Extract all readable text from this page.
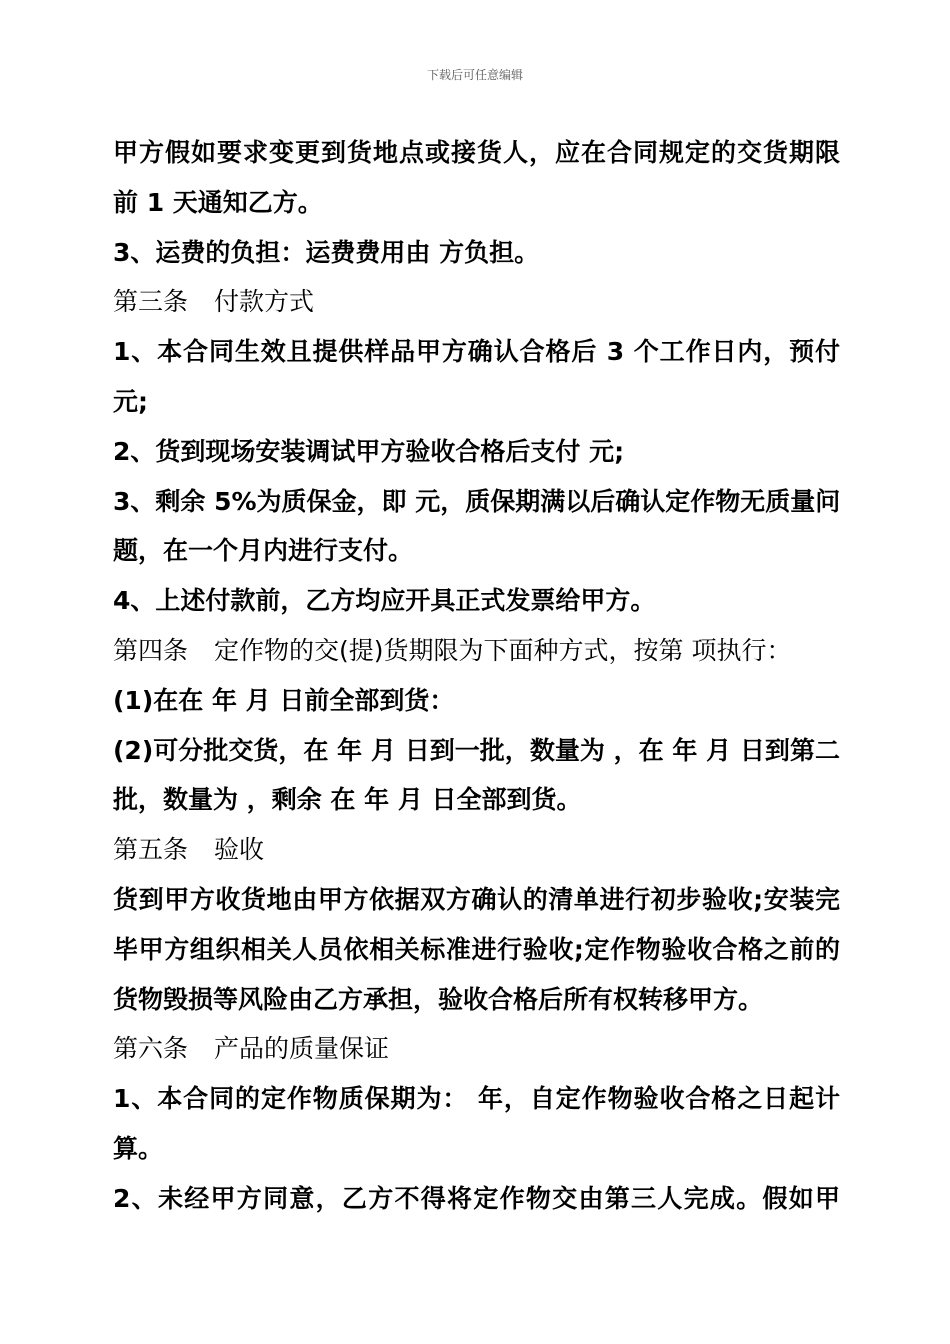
下载后可任意编辑
甲方假如要求变更到货地点或接货人，应在合同规定的交货期限
前 1 天通知乙方。
3、运费的负担：运费费用由 方负担。
第三条 付款方式
1、本合同生效且提供样品甲方确认合格后 3 个工作日内，预付
元;
2、货到现场安装调试甲方验收合格后支付 元;
3、剩余 5%为质保金，即 元，质保期满以后确认定作物无质量问
题，在一个月内进行支付。
4、上述付款前，乙方均应开具正式发票给甲方。
第四条 定作物的交(提)货期限为下面种方式，按第 项执行：
(1)在在 年 月 日前全部到货：
(2)可分批交货，在 年 月 日到一批，数量为 ，在 年 月 日到第二
批，数量为 ，剩余 在 年 月 日全部到货。
第五条 验收
货到甲方收货地由甲方依据双方确认的清单进行初步验收;安装完
毕甲方组织相关人员依相关标准进行验收;定作物验收合格之前的
货物毁损等风险由乙方承担，验收合格后所有权转移甲方。
第六条 产品的质量保证
1、本合同的定作物质保期为： 年，自定作物验收合格之日起计
算。
2、未经甲方同意，乙方不得将定作物交由第三人完成。假如甲
